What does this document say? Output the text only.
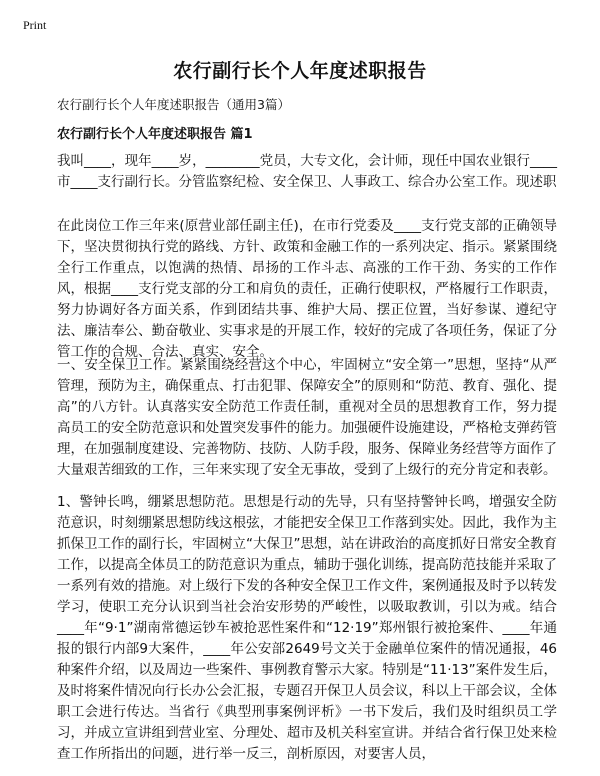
Print
农行副行长个人年度述职报告
农行副行长个人年度述职报告（通用3篇）
农行副行长个人年度述职报告 篇1

我叫____，现年____岁，________党员，大专文化，会计师，现任中国农业银行____市____支行副行长。分管监察纪检、安全保卫、人事政工、综合办公室工作。现述职

在此岗位工作三年来(原营业部任副主任)，在市行党委及____支行党支部的正确领导下，坚决贯彻执行党的路线、方针、政策和金融工作的一系列决定、指示。紧紧围绕全行工作重点，以饱满的热情、昂扬的工作斗志、高涨的工作干劲、务实的工作作风，根据____支行党支部的分工和肩负的责任，正确行使职权，严格履行工作职责，努力协调好各方面关系，作到团结共事、维护大局、摆正位置，当好参谋、遵纪守法、廉洁奉公、勤奋敬业、实事求是的开展工作，较好的完成了各项任务，保证了分管工作的合规、合法、真实、安全。

一、安全保卫工作。紧紧围绕经营这个中心，牢固树立“安全第一”思想，坚持“从严管理，预防为主，确保重点、打击犯罪、保障安全”的原则和“防范、教育、强化、提高”的八方针。认真落实安全防范工作责任制，重视对全员的思想教育工作，努力提高员工的安全防范意识和处置突发事件的能力。加强硬件设施建设，严格枪支弹药管理，在加强制度建设、完善物防、技防、人防手段，服务、保障业务经营等方面作了大量艰苦细致的工作，三年来实现了安全无事故，受到了上级行的充分肯定和表彰。

1、警钟长鸣，绷紧思想防范。思想是行动的先导，只有坚持警钟长鸣，增强安全防范意识，时刻绷紧思想防线这根弦，才能把安全保卫工作落到实处。因此，我作为主抓保卫工作的副行长，牢固树立“大保卫”思想，站在讲政治的高度抓好日常安全教育工作，以提高全体员工的防范意识为重点，辅助于强化训练，提高防范技能并采取了一系列有效的措施。对上级行下发的各种安全保卫工作文件，案例通报及时予以转发学习，使职工充分认识到当社会治安形势的严峻性，以吸取教训，引以为戒。结合____年“9·1”湖南常德运钞车被抢恶性案件和“12·19”郑州银行被抢案件、____年通报的银行内部9大案件，____年公安部2649号文关于金融单位案件的情况通报，46种案件介绍，以及周边一些案件、事例教育警示大家。特别是“11·13”案件发生后，及时将案件情况向行长办公会汇报，专题召开保卫人员会议，科以上干部会议，全体职工会进行传达。当省行《典型刑事案例评析》一书下发后，我们及时组织员工学习，并成立宣讲组到营业室、分理处、超市及机关科室宣讲。并结合省行保卫处来检查工作所指出的问题，进行举一反三，剖析原因，对要害人员，
